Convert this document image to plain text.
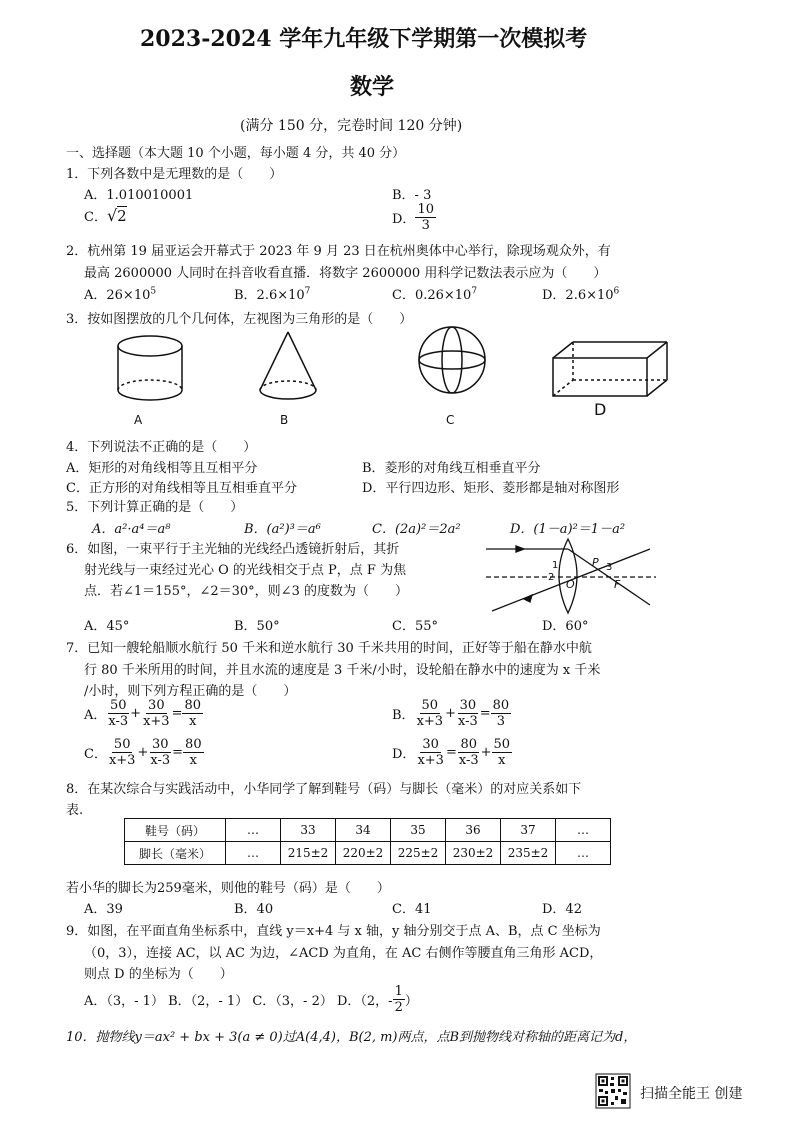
2023-2024 学年九年级下学期第一次模拟考
数学
(满分 150 分，完卷时间 120 分钟)
一、选择题（本大题 10 个小题，每小题 4 分，共 40 分）
1．下列各数中是无理数的是（　　）
A．1.010010001	B．- 3
C． √ 2	D． $\frac{10}{3}$
2．杭州第 19 届亚运会开幕式于 2023 年 9 月 23 日在杭州奥体中心举行，除现场观众外，有
最高 2600000 人同时在抖音收看直播．将数字 2600000 用科学记数法表示应为（　　）
A．$26\times 10^5$	B．$2.6\times 10^7$	C．$0.26\times 10^7$	D．$2.6\times 10^6$
3．按如图摆放的几个几何体，左视图为三角形的是（　　）
A	B	C
D
4．下列说法不正确的是（　　）
A．矩形的对角线相等且互相平分	B．菱形的对角线互相垂直平分
C．正方形的对角线相等且互相垂直平分	D．平行四边形、矩形、菱形都是轴对称图形
5．下列计算正确的是（　　）
A．a²·a⁴＝a⁸	B．(a²)³＝a⁶	C．(2a)²＝2a²	D．(1－a)²＝1－a²
6．如图，一束平行于主光轴的光线经凸透镜折射后，其折
射光线与一束经过光心 O 的光线相交于点 P，点 F 为焦
点．若∠1＝155°，∠2＝30°，则∠3 的度数为（　　）
1
2
O
P 3
F
A．45°	B．50°	C．55°	D．60°
7．已知一艘轮船顺水航行 50 千米和逆水航行 30 千米共用的时间，正好等于船在静水中航
行 80 千米所用的时间，并且水流的速度是 3 千米/小时，设轮船在静水中的速度为 x 千米
/小时，则下列方程正确的是（　　）
A． $\frac{50}{x-3} + \frac{30}{x+3} = \frac{80}{x}$	B． $\frac{50}{x+3} + \frac{30}{x-3} = \frac{80}{3}$
C． $\frac{50}{x+3} + \frac{30}{x-3} = \frac{80}{x}$	D． $\frac{30}{x+3} = \frac{80}{x-3} + \frac{50}{x}$
8．在某次综合与实践活动中，小华同学了解到鞋号（码）与脚长（毫米）的对应关系如下
表.
鞋号（码）	…	33	34	35	36	37	…
脚长（毫米）	…	215±2	220±2	225±2	230±2	235±2	…
若小华的脚长为259毫米，则他的鞋号（码）是（　　）
A．39	B．40	C．41	D．42
9．如图，在平面直角坐标系中，直线 y＝x+4 与 x 轴，y 轴分别交于点 A、B，点 C 坐标为
（0，3），连接 AC，以 AC 为边，∠ACD 为直角，在 AC 右侧作等腰直角三角形 ACD，
则点 D 的坐标为（　　）
A．（3，- 1） B．（2，- 1） C．（3，- 2） D．（2，- $\frac{1}{2}$ ）
10．抛物线y＝ax² + bx + 3(a ≠ 0)过A(4,4)，B(2, m)两点，点B到抛物线对称轴的距离记为d，
扫描全能王 创建
